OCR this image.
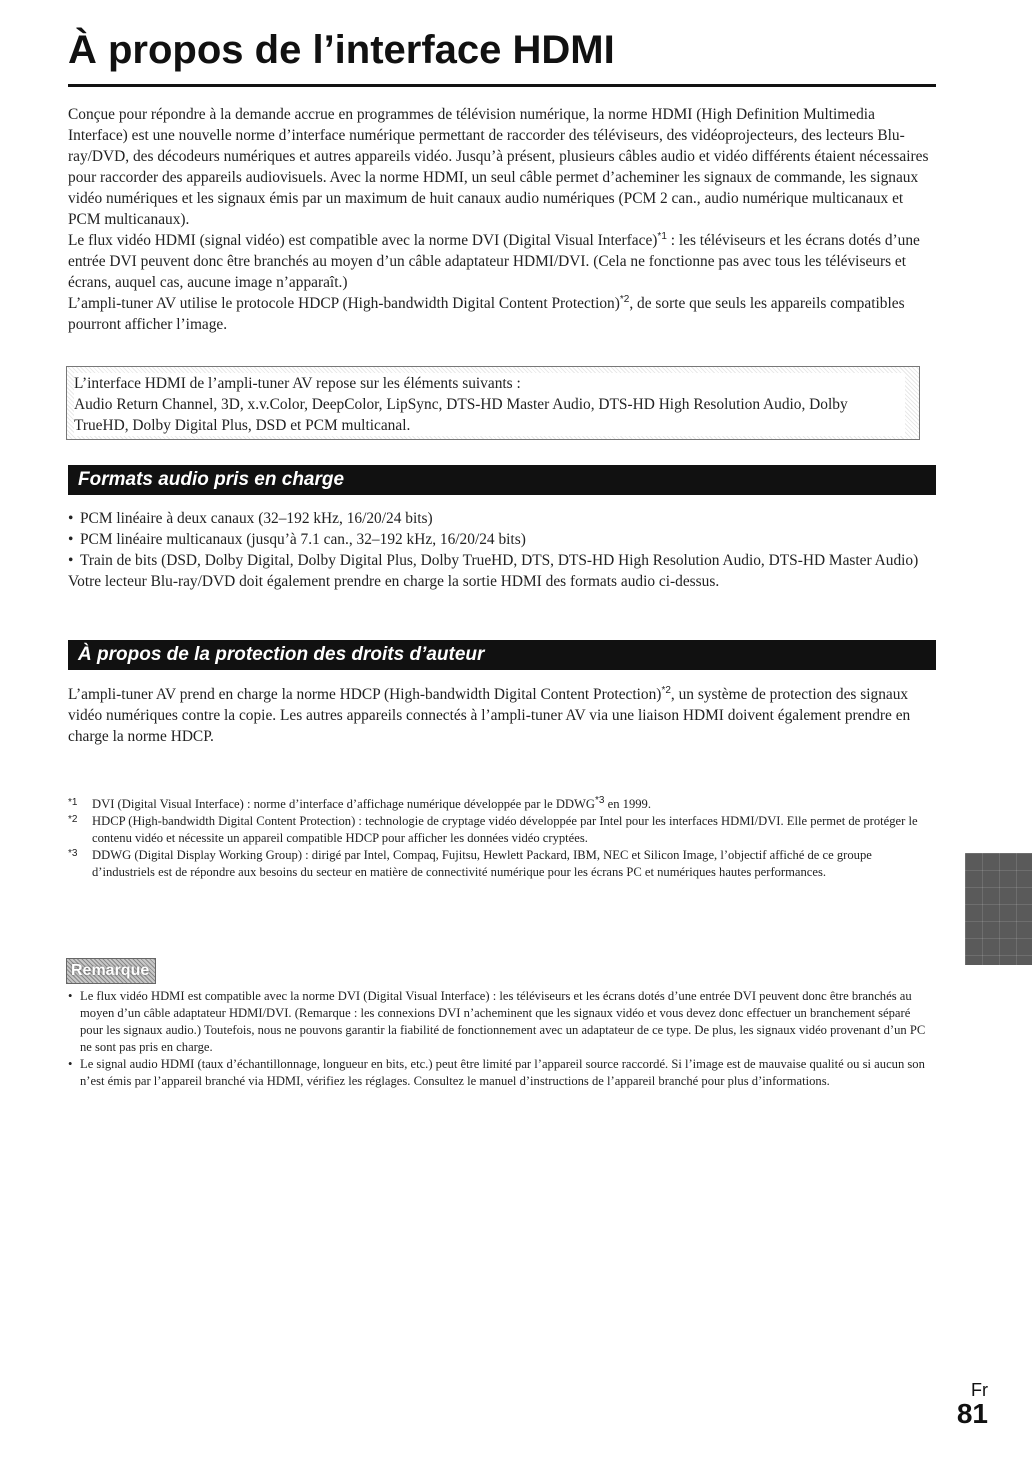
À propos de l’interface HDMI

Conçue pour répondre à la demande accrue en programmes de télévision numérique, la norme HDMI (High Definition Multimedia Interface) est une nouvelle norme d’interface numérique permettant de raccorder des téléviseurs, des vidéoprojecteurs, des lecteurs Blu-ray/DVD, des décodeurs numériques et autres appareils vidéo. Jusqu’à présent, plusieurs câbles audio et vidéo différents étaient nécessaires pour raccorder des appareils audiovisuels. Avec la norme HDMI, un seul câble permet d’acheminer les signaux de commande, les signaux vidéo numériques et les signaux émis par un maximum de huit canaux audio numériques (PCM 2 can., audio numérique multicanaux et PCM multicanaux).

Le flux vidéo HDMI (signal vidéo) est compatible avec la norme DVI (Digital Visual Interface)$^{*1}$ : les téléviseurs et les écrans dotés d’une entrée DVI peuvent donc être branchés au moyen d’un câble adaptateur HDMI/DVI. (Cela ne fonctionne pas avec tous les téléviseurs et écrans, auquel cas, aucune image n’apparaît.)

L’ampli-tuner AV utilise le protocole HDCP (High-bandwidth Digital Content Protection)$^{*2}$, de sorte que seuls les appareils compatibles pourront afficher l’image.

L’interface HDMI de l’ampli-tuner AV repose sur les éléments suivants :
Audio Return Channel, 3D, x.v.Color, DeepColor, LipSync, DTS-HD Master Audio, DTS-HD High Resolution Audio, Dolby TrueHD, Dolby Digital Plus, DSD et PCM multicanal.
Formats audio pris en charge
• PCM linéaire à deux canaux (32–192 kHz, 16/20/24 bits)
• PCM linéaire multicanaux (jusqu’à 7.1 can., 32–192 kHz, 16/20/24 bits)
• Train de bits (DSD, Dolby Digital, Dolby Digital Plus, Dolby TrueHD, DTS, DTS-HD High Resolution Audio, DTS-HD Master Audio)

Votre lecteur Blu-ray/DVD doit également prendre en charge la sortie HDMI des formats audio ci-dessus.

À propos de la protection des droits d’auteur

L’ampli-tuner AV prend en charge la norme HDCP (High-bandwidth Digital Content Protection)$^{*2}$, un système de protection des signaux vidéo numériques contre la copie. Les autres appareils connectés à l’ampli-tuner AV via une liaison HDMI doivent également prendre en charge la norme HDCP.

*1 DVI (Digital Visual Interface) : norme d’interface d’affichage numérique développée par le DDWG$^{*3}$ en 1999.
*2 HDCP (High-bandwidth Digital Content Protection) : technologie de cryptage vidéo développée par Intel pour les interfaces HDMI/DVI. Elle permet de protéger le contenu vidéo et nécessite un appareil compatible HDCP pour afficher les données vidéo cryptées.
*3 DDWG (Digital Display Working Group) : dirigé par Intel, Compaq, Fujitsu, Hewlett Packard, IBM, NEC et Silicon Image, l’objectif affiché de ce groupe d’industriels est de répondre aux besoins du secteur en matière de connectivité numérique pour les écrans PC et numériques hautes performances.
Remarque
• Le flux vidéo HDMI est compatible avec la norme DVI (Digital Visual Interface) : les téléviseurs et les écrans dotés d’une entrée DVI peuvent donc être branchés au moyen d’un câble adaptateur HDMI/DVI. (Remarque : les connexions DVI n’acheminent que les signaux vidéo et vous devez donc effectuer un branchement séparé pour les signaux audio.) Toutefois, nous ne pouvons garantir la fiabilité de fonctionnement avec un adaptateur de ce type. De plus, les signaux vidéo provenant d’un PC ne sont pas pris en charge.
• Le signal audio HDMI (taux d’échantillonnage, longueur en bits, etc.) peut être limité par l’appareil source raccordé. Si l’image est de mauvaise qualité ou si aucun son n’est émis par l’appareil branché via HDMI, vérifiez les réglages. Consultez le manuel d’instructions de l’appareil branché pour plus d’informations.
Fr
81
